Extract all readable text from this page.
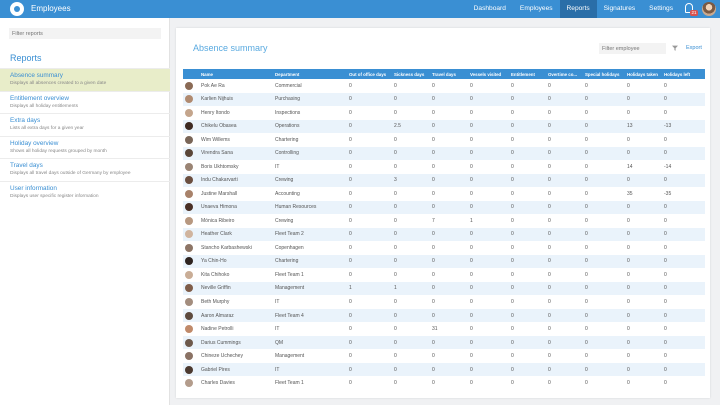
Employees	Dashboard	Employees	Reports	Signatures	Settings
21
Filter reports
Reports
Absence summary
Displays all absences created to a given date
Entitlement overview
Displays all holiday entitlements
Extra days
Lists all extra days for a given year
Holiday overview
Shows all holiday requests grouped by month
Travel days
Displays all travel days outside of Germany by employee
User information
Displays user specific register information
Absence summary
Filter employee	Export
	Name	Department	Out of office days	Sickness days	Travel days	Vessels visited	Entitlement	Overtime co...	Special holidays	Holidays taken	Holidays left
	Pok Ae Ra	Commercial	0	0	0	0	0	0	0	0	0
	Karlien Nijhuis	Purchasing	0	0	0	0	0	0	0	0	0
	Henry Itondo	Inspections	0	0	0	0	0	0	0	0	0
	Chikelu Obasea	Operations	0	2.5	0	0	0	0	0	13	-13
	Wim Willems	Chartering	0	0	0	0	0	0	0	0	0
	Virendra Sana	Controlling	0	0	0	0	0	0	0	0	0
	Boris Ukhtomsky	IT	0	0	0	0	0	0	0	14	-14
	Indu Chakarvarti	Crewing	0	3	0	0	0	0	0	0	0
	Justine Marshall	Accounting	0	0	0	0	0	0	0	35	-35
	Unaeva Himona	Human Resources	0	0	0	0	0	0	0	0	0
	Mónica Ribeiro	Crewing	0	0	7	1	0	0	0	0	0
	Heather Clark	Fleet Team 2	0	0	0	0	0	0	0	0	0
	Stancho Karbashewski	Copenhagen	0	0	0	0	0	0	0	0	0
	Ya Chin-Ho	Chartering	0	0	0	0	0	0	0	0	0
	Kita Chihoko	Fleet Team 1	0	0	0	0	0	0	0	0	0
	Neville Griffin	Management	1	1	0	0	0	0	0	0	0
	Beth Murphy	IT	0	0	0	0	0	0	0	0	0
	Aaron Almaraz	Fleet Team 4	0	0	0	0	0	0	0	0	0
	Nadine Petrolli	IT	0	0	31	0	0	0	0	0	0
	Darius Cummings	QM	0	0	0	0	0	0	0	0	0
	Chineze Uchechey	Management	0	0	0	0	0	0	0	0	0
	Gabriel Pires	IT	0	0	0	0	0	0	0	0	0
	Charles Davies	Fleet Team 1	0	0	0	0	0	0	0	0	0
